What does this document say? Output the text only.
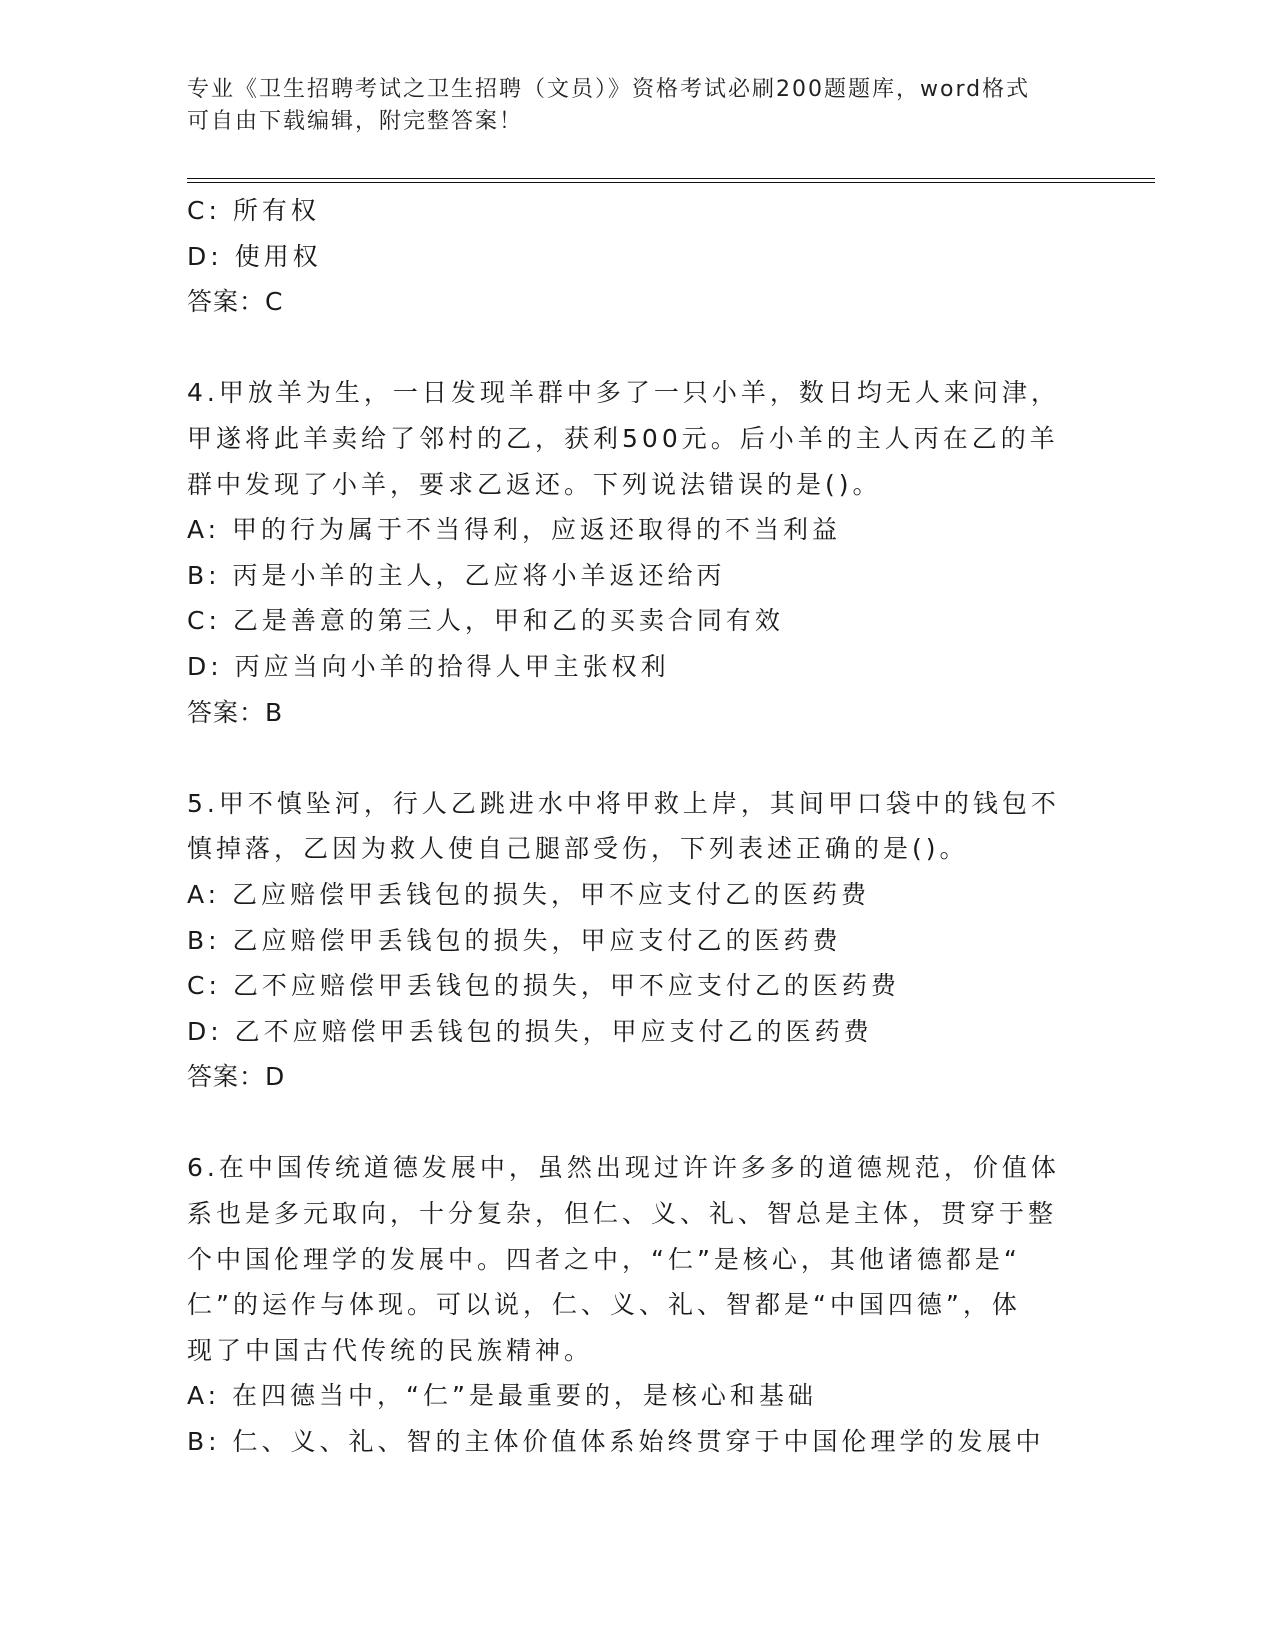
专业《卫生招聘考试之卫生招聘（文员）》资格考试必刷200题题库，word格式
可自由下载编辑，附完整答案！
C: 所有权
D: 使用权
答案：C
4.甲放羊为生，一日发现羊群中多了一只小羊，数日均无人来问津，
甲遂将此羊卖给了邻村的乙，获利500元。后小羊的主人丙在乙的羊
群中发现了小羊，要求乙返还。下列说法错误的是()。
A: 甲的行为属于不当得利，应返还取得的不当利益
B: 丙是小羊的主人，乙应将小羊返还给丙
C: 乙是善意的第三人，甲和乙的买卖合同有效
D: 丙应当向小羊的拾得人甲主张权利
答案：B
5.甲不慎坠河，行人乙跳进水中将甲救上岸，其间甲口袋中的钱包不
慎掉落，乙因为救人使自己腿部受伤，下列表述正确的是()。
A: 乙应赔偿甲丢钱包的损失，甲不应支付乙的医药费
B: 乙应赔偿甲丢钱包的损失，甲应支付乙的医药费
C: 乙不应赔偿甲丢钱包的损失，甲不应支付乙的医药费
D: 乙不应赔偿甲丢钱包的损失，甲应支付乙的医药费
答案：D
6.在中国传统道德发展中，虽然出现过许许多多的道德规范，价值体
系也是多元取向，十分复杂，但仁、义、礼、智总是主体，贯穿于整
个中国伦理学的发展中。四者之中，“仁”是核心，其他诸德都是“
仁”的运作与体现。可以说，仁、义、礼、智都是“中国四德”，体
现了中国古代传统的民族精神。
A: 在四德当中，“仁”是最重要的，是核心和基础
B: 仁、义、礼、智的主体价值体系始终贯穿于中国伦理学的发展中
